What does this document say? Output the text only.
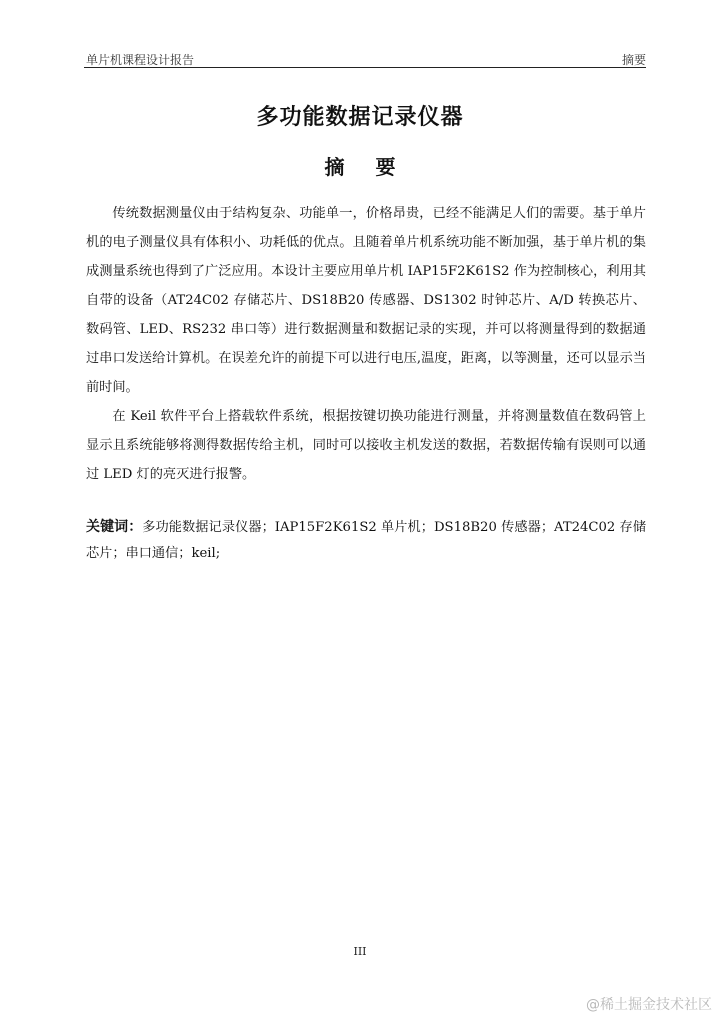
单片机课程设计报告	摘要
多功能数据记录仪器
摘 要

传统数据测量仪由于结构复杂、功能单一，价格昂贵，已经不能满足人们的需要。基于单片机的电子测量仪具有体积小、功耗低的优点。且随着单片机系统功能不断加强，基于单片机的集成测量系统也得到了广泛应用。本设计主要应用单片机 IAP15F2K61S2 作为控制核心，利用其自带的设备（AT24C02 存储芯片、DS18B20 传感器、DS1302 时钟芯片、A/D 转换芯片、数码管、LED、RS232 串口等）进行数据测量和数据记录的实现，并可以将测量得到的数据通过串口发送给计算机。在误差允许的前提下可以进行电压,温度，距离，以等测量，还可以显示当前时间。

在 Keil 软件平台上搭载软件系统，根据按键切换功能进行测量，并将测量数值在数码管上显示且系统能够将测得数据传给主机，同时可以接收主机发送的数据，若数据传输有误则可以通过 LED 灯的亮灭进行报警。

关键词：多功能数据记录仪器；IAP15F2K61S2 单片机；DS18B20 传感器；AT24C02 存储芯片；串口通信；keil;
III
@稀土掘金技术社区
